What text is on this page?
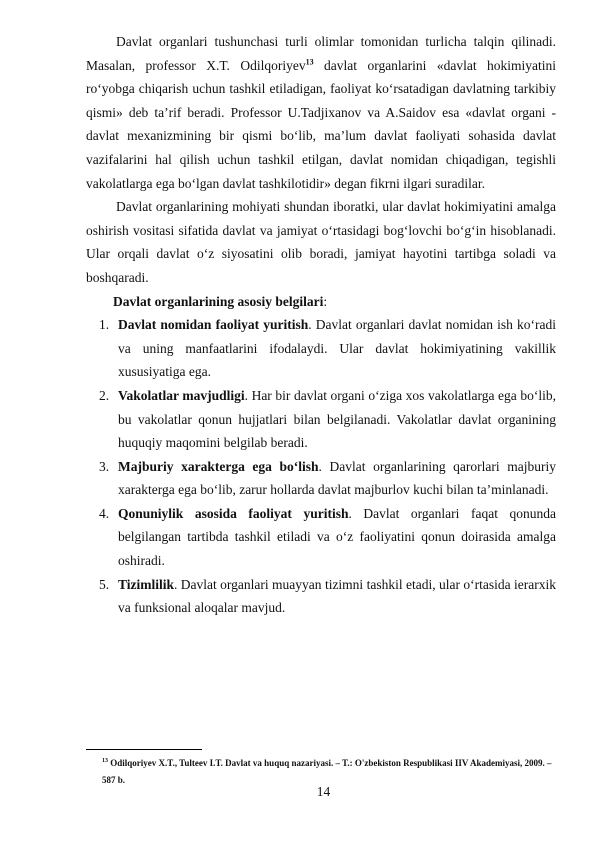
Davlat organlari tushunchasi turli olimlar tomonidan turlicha talqin qilinadi. Masalan, professor X.T. Odilqoriyev$^{13}$ davlat organlarini «davlat hokimiyatini ro‘yobga chiqarish uchun tashkil etiladigan, faoliyat ko‘rsatadigan davlatning tarkibiy qismi» deb ta’rif beradi. Professor U.Tadjixanov va A.Saidov esa «davlat organi - davlat mexanizmining bir qismi bo‘lib, ma’lum davlat faoliyati sohasida davlat vazifalarini hal qilish uchun tashkil etilgan, davlat nomidan chiqadigan, tegishli vakolatlarga ega bo‘lgan davlat tashkilotidir» degan fikrni ilgari suradilar.

Davlat organlarining mohiyati shundan iboratki, ular davlat hokimiyatini amalga oshirish vositasi sifatida davlat va jamiyat o‘rtasidagi bog‘lovchi bo‘g‘in hisoblanadi. Ular orqali davlat o‘z siyosatini olib boradi, jamiyat hayotini tartibga soladi va boshqaradi.

Davlat organlarining asosiy belgilari:
1. Davlat nomidan faoliyat yuritish. Davlat organlari davlat nomidan ish ko‘radi va uning manfaatlarini ifodalaydi. Ular davlat hokimiyatining vakillik xususiyatiga ega.
2. Vakolatlar mavjudligi. Har bir davlat organi o‘ziga xos vakolatlarga ega bo‘lib, bu vakolatlar qonun hujjatlari bilan belgilanadi. Vakolatlar davlat organining huquqiy maqomini belgilab beradi.
3. Majburiy xarakterga ega bo‘lish. Davlat organlarining qarorlari majburiy xarakterga ega bo‘lib, zarur hollarda davlat majburlov kuchi bilan ta’minlanadi.
4. Qonuniylik asosida faoliyat yuritish. Davlat organlari faqat qonunda belgilangan tartibda tashkil etiladi va o‘z faoliyatini qonun doirasida amalga oshiradi.
5. Tizimlilik. Davlat organlari muayyan tizimni tashkil etadi, ular o‘rtasida ierarxik va funksional aloqalar mavjud.
$^{13}$ Odilqoriyev X.T., Tulteev I.T. Davlat va huquq nazariyasi. – T.: O'zbekiston Respublikasi IIV Akademiyasi, 2009. – 587 b.
14
